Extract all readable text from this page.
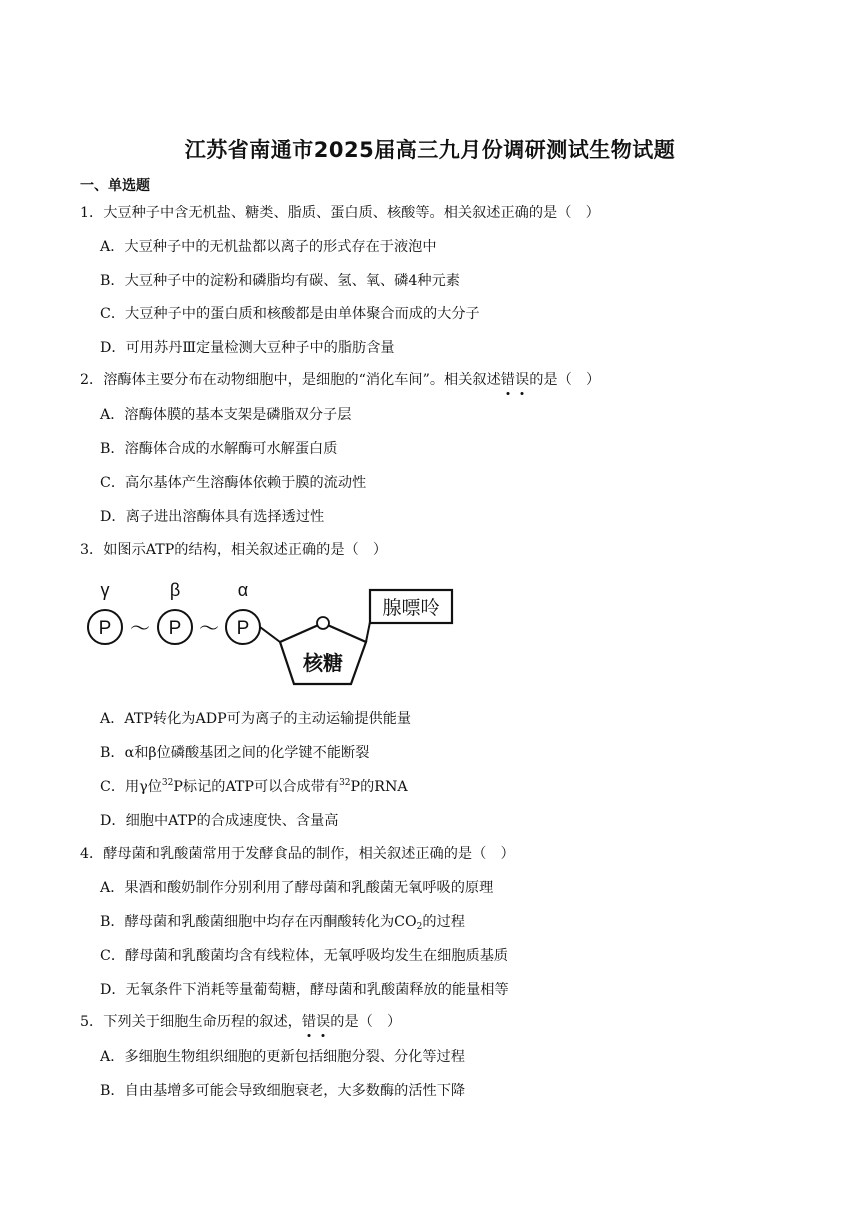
江苏省南通市2025届高三九月份调研测试生物试题
一、单选题
1．大豆种子中含无机盐、糖类、脂质、蛋白质、核酸等。相关叙述正确的是（　）
A．大豆种子中的无机盐都以离子的形式存在于液泡中
B．大豆种子中的淀粉和磷脂均有碳、氢、氧、磷4种元素
C．大豆种子中的蛋白质和核酸都是由单体聚合而成的大分子
D．可用苏丹Ⅲ定量检测大豆种子中的脂肪含量
2．溶酶体主要分布在动物细胞中，是细胞的“消化车间”。相关叙述错误的是（　）
A．溶酶体膜的基本支架是磷脂双分子层
B．溶酶体合成的水解酶可水解蛋白质
C．高尔基体产生溶酶体依赖于膜的流动性
D．离子进出溶酶体具有选择透过性
3．如图示ATP的结构，相关叙述正确的是（　）
γ	β	α
P	P	P
～ ～
核糖
腺嘌呤
A．ATP转化为ADP可为离子的主动运输提供能量
B．α和β位磷酸基团之间的化学键不能断裂
C．用γ位$^{32}$P标记的ATP可以合成带有$^{32}$P的RNA
D．细胞中ATP的合成速度快、含量高
4．酵母菌和乳酸菌常用于发酵食品的制作，相关叙述正确的是（　）
A．果酒和酸奶制作分别利用了酵母菌和乳酸菌无氧呼吸的原理
B．酵母菌和乳酸菌细胞中均存在丙酮酸转化为$CO_2$的过程
C．酵母菌和乳酸菌均含有线粒体，无氧呼吸均发生在细胞质基质
D．无氧条件下消耗等量葡萄糖，酵母菌和乳酸菌释放的能量相等
5．下列关于细胞生命历程的叙述，错误的是（　）
A．多细胞生物组织细胞的更新包括细胞分裂、分化等过程
B．自由基增多可能会导致细胞衰老，大多数酶的活性下降
